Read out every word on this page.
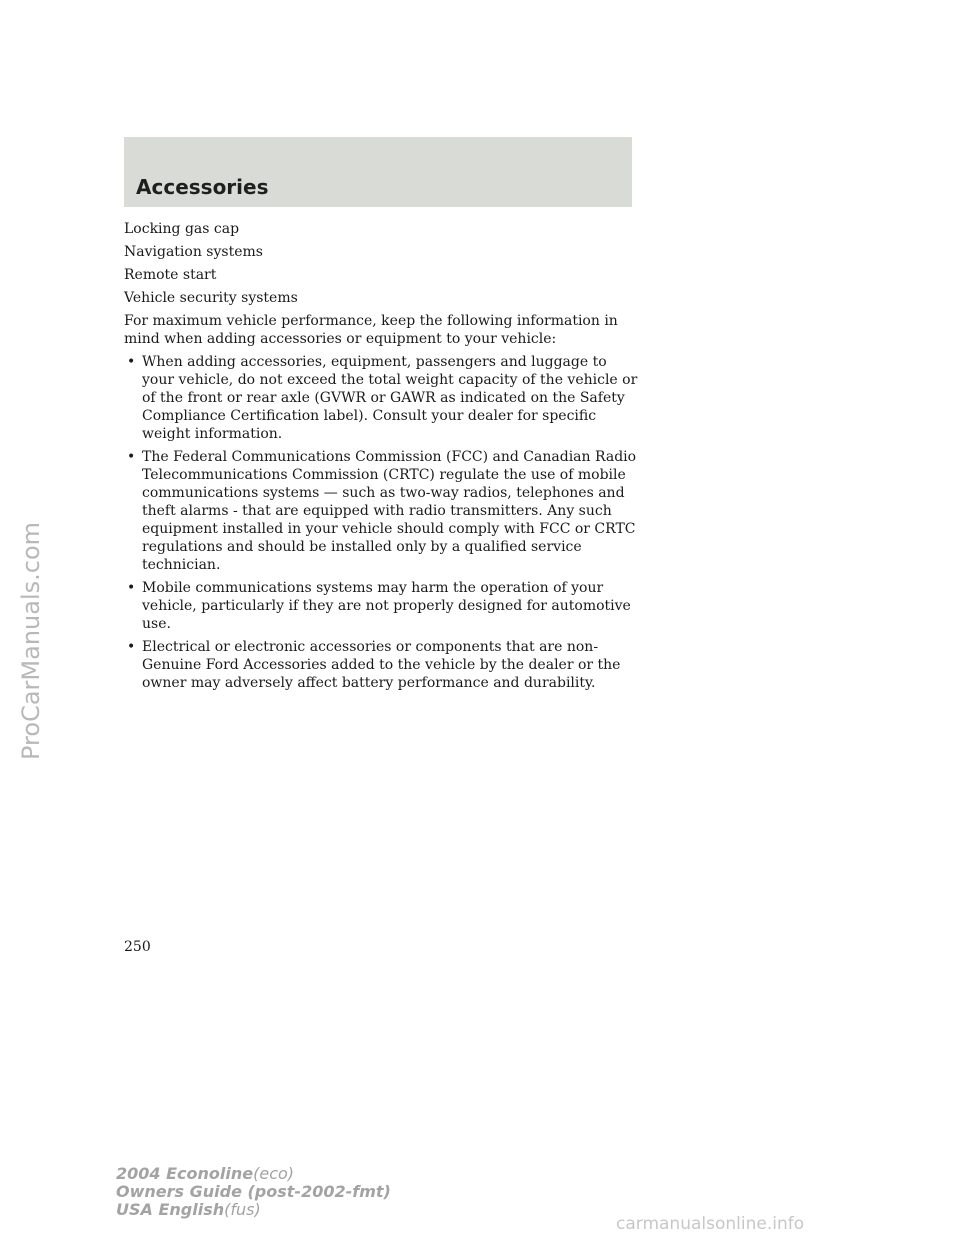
Accessories

Locking gas cap

Navigation systems

Remote start

Vehicle security systems

For maximum vehicle performance, keep the following information in mind when adding accessories or equipment to your vehicle:

• When adding accessories, equipment, passengers and luggage to your vehicle, do not exceed the total weight capacity of the vehicle or of the front or rear axle (GVWR or GAWR as indicated on the Safety Compliance Certification label). Consult your dealer for specific weight information.
• The Federal Communications Commission (FCC) and Canadian Radio Telecommunications Commission (CRTC) regulate the use of mobile communications systems — such as two-way radios, telephones and theft alarms - that are equipped with radio transmitters. Any such equipment installed in your vehicle should comply with FCC or CRTC regulations and should be installed only by a qualified service technician.
• Mobile communications systems may harm the operation of your vehicle, particularly if they are not properly designed for automotive use.
• Electrical or electronic accessories or components that are non-Genuine Ford Accessories added to the vehicle by the dealer or the owner may adversely affect battery performance and durability.
250
2004 Econoline(eco)
Owners Guide (post-2002-fmt)
USA English(fus)
ProCarManuals.com
carmanualsonline.info
